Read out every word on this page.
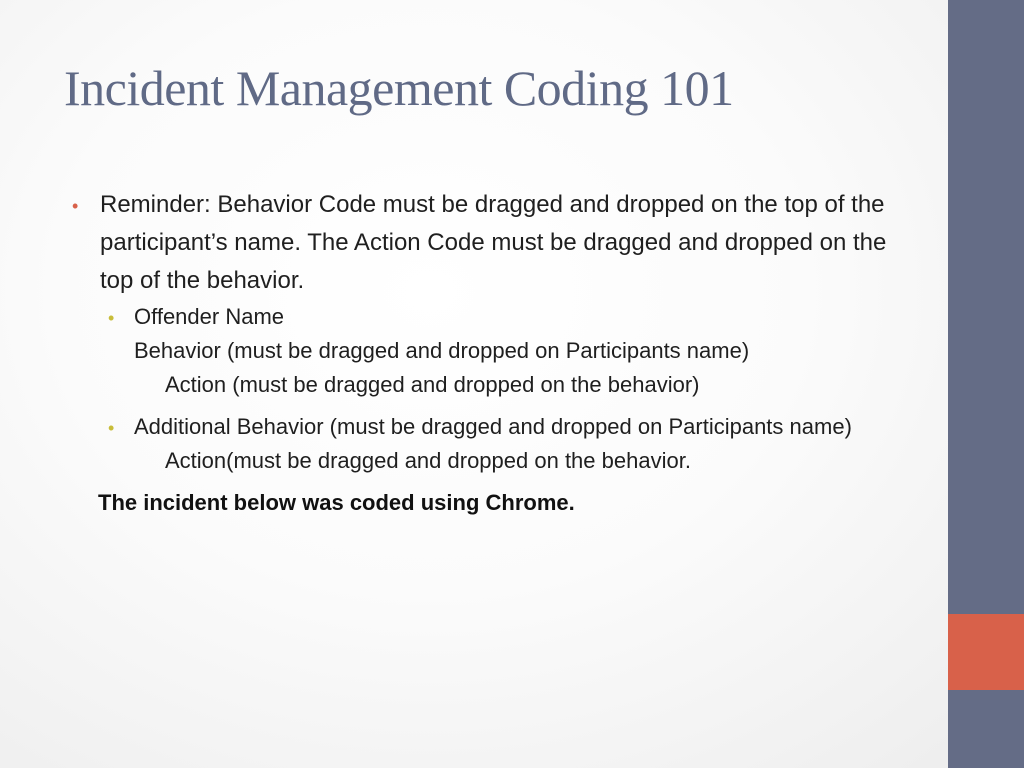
Incident Management Coding 101
• Reminder: Behavior Code must be dragged and dropped on the top of the participant’s name. The Action Code must be dragged and dropped on the top of the behavior.
• Offender Name
Behavior (must be dragged and dropped on Participants name)
Action (must be dragged and dropped on the behavior)
• Additional Behavior (must be dragged and dropped on Participants name)
Action(must be dragged and dropped on the behavior.
The incident below was coded using Chrome.
